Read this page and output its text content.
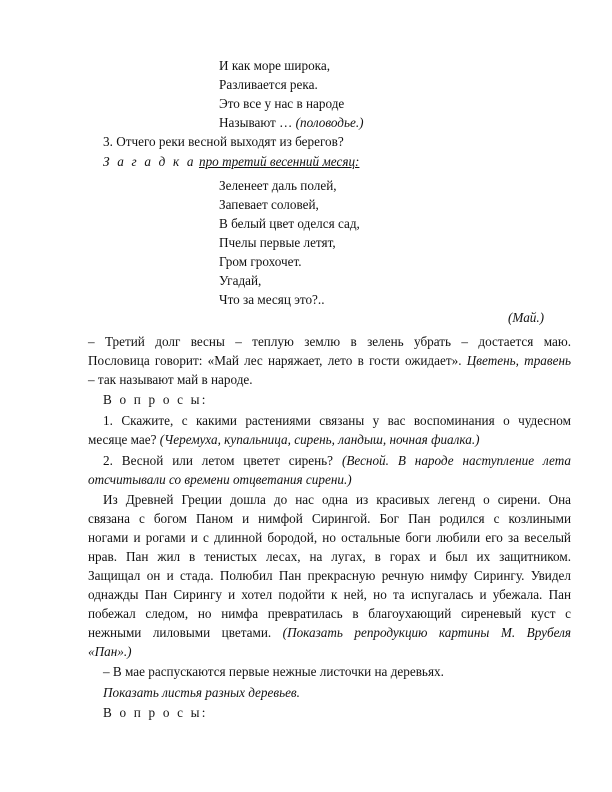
И как море широка,
Разливается река.
Это все у нас в народе
Называют … (половодье.)
3. Отчего реки весной выходят из берегов?
З а г а д к а про третий весенний месяц:
Зеленеет даль полей,
Запевает соловей,
В белый цвет оделся сад,
Пчелы первые летят,
Гром грохочет.
Угадай,
Что за месяц это?..
(Май.)
– Третий долг весны – теплую землю в зелень убрать – достается маю.
Пословица говорит: «Май лес наряжает, лето в гости ожидает». Цветень, травень
– так называют май в народе.
В о п р о с ы:
1. Скажите, с какими растениями связаны у вас воспоминания о чудесном
месяце мае? (Черемуха, купальница, сирень, ландыш, ночная фиалка.)
2. Весной или летом цветет сирень? (Весной. В народе наступление лета
отсчитывали со времени отцветания сирени.)
Из Древней Греции дошла до нас одна из красивых легенд о сирени. Она
связана с богом Паном и нимфой Сирингой. Бог Пан родился с козлиными
ногами и рогами и с длинной бородой, но остальные боги любили его за веселый
нрав. Пан жил в тенистых лесах, на лугах, в горах и был их защитником.
Защищал он и стада. Полюбил Пан прекрасную речную нимфу Сирингу. Увидел
однажды Пан Сирингу и хотел подойти к ней, но та испугалась и убежала. Пан
побежал следом, но нимфа превратилась в благоухающий сиреневый куст с
нежными лиловыми цветами. (Показать репродукцию картины М. Врубеля
«Пан».)
– В мае распускаются первые нежные листочки на деревьях.
Показать листья разных деревьев.
В о п р о с ы:
